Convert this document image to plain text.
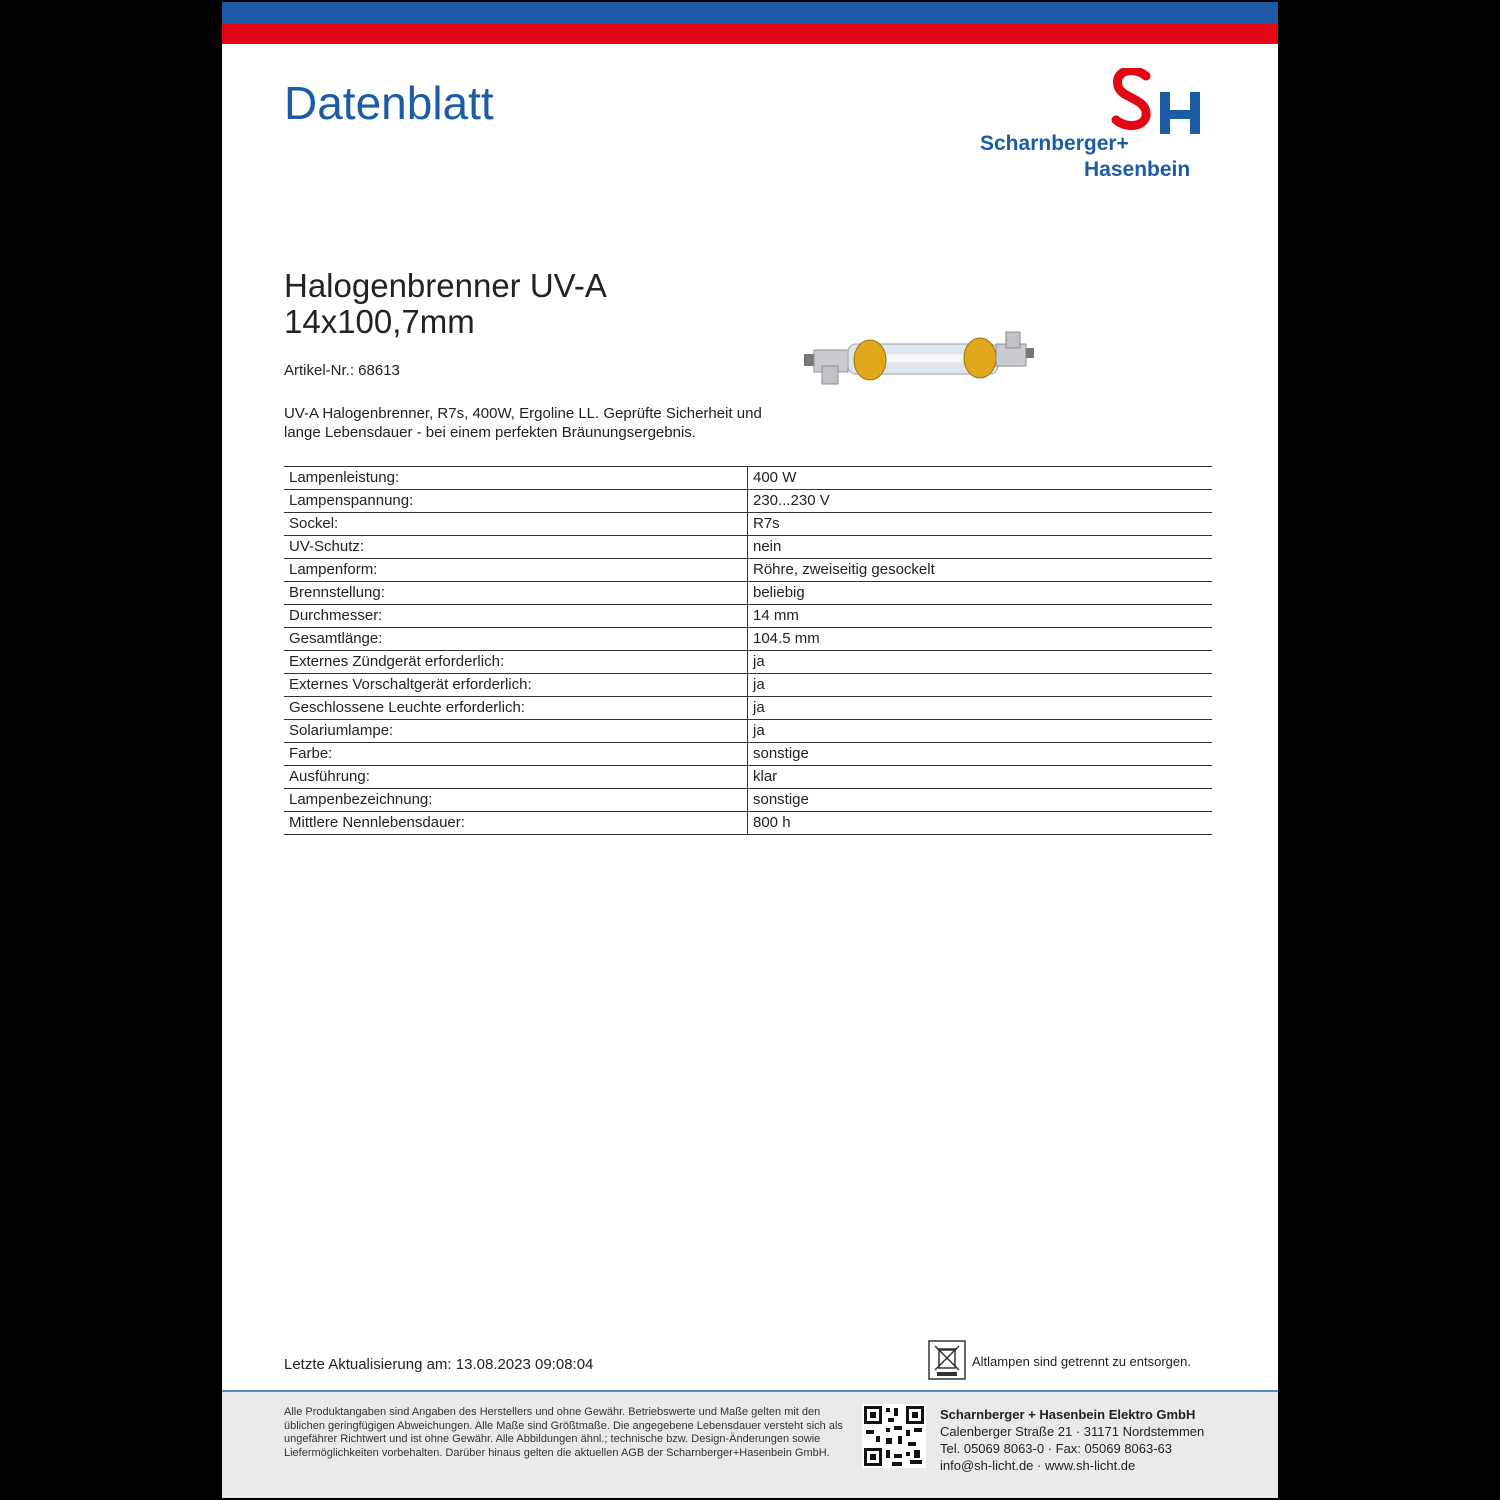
Datenblatt
Scharnberger+
Hasenbein
Halogenbrenner UV-A
14x100,7mm
Artikel-Nr.: 68613
UV-A Halogenbrenner, R7s, 400W, Ergoline LL. Geprüfte Sicherheit und lange Lebensdauer - bei einem perfekten Bräunungsergebnis.
Lampenleistung:	400 W
Lampenspannung:	230...230 V
Sockel:	R7s
UV-Schutz:	nein
Lampenform:	Röhre, zweiseitig gesockelt
Brennstellung:	beliebig
Durchmesser:	14 mm
Gesamtlänge:	104.5 mm
Externes Zündgerät erforderlich:	ja
Externes Vorschaltgerät erforderlich:	ja
Geschlossene Leuchte erforderlich:	ja
Solariumlampe:	ja
Farbe:	sonstige
Ausführung:	klar
Lampenbezeichnung:	sonstige
Mittlere Nennlebensdauer:	800 h
Letzte Aktualisierung am: 13.08.2023 09:08:04	Altlampen sind getrennt zu entsorgen.
Alle Produktangaben sind Angaben des Herstellers und ohne Gewähr. Betriebswerte und Maße gelten mit den üblichen geringfügigen Abweichungen. Alle Maße sind Größtmaße. Die angegebene Lebensdauer versteht sich als ungefährer Richtwert und ist ohne Gewähr. Alle Abbildungen ähnl.; technische bzw. Design-Änderungen sowie Liefermöglichkeiten vorbehalten. Darüber hinaus gelten die aktuellen AGB der Scharnberger+Hasenbein GmbH.
Scharnberger + Hasenbein Elektro GmbH
Calenberger Straße 21 · 31171 Nordstemmen
Tel. 05069 8063-0 · Fax: 05069 8063-63
info@sh-licht.de · www.sh-licht.de
